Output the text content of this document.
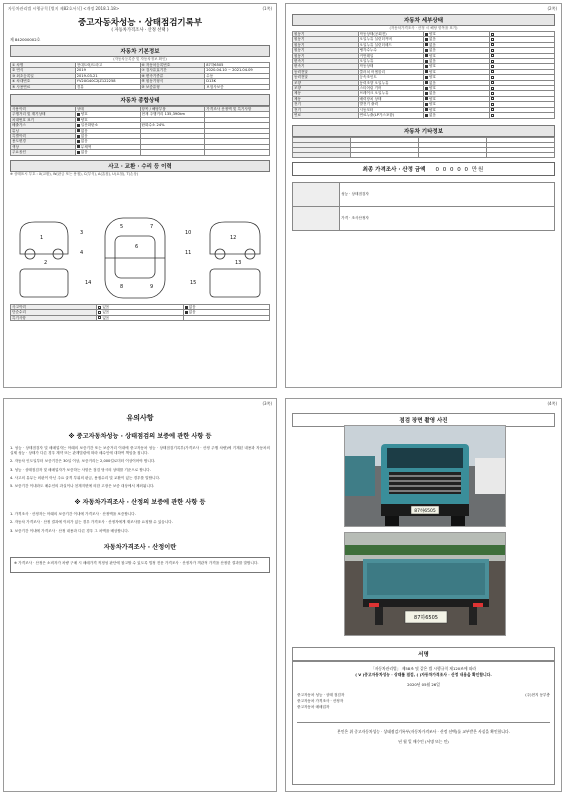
자동차관리법 시행규칙 [별지 제82호서식] <개정 2018.1.18>	(1쪽)
중고자동차성능 · 상태점검기록부
( 자동차가격조사 · 산정 선택 )
제 842000002호
자동차 기본정보
(자동차등록증 및 자동차정보 확인)
① 차명	현대트럭/트라고	⑥ 자동차등록번호	87하6505
② 연식	2019	⑦ 검사유효기간	2020.04.10 ~ 2021.04.09
③ 최초등록일	2019-03-21	⑧ 변속기종류	수동
④ 차대번호	YV2XG40C2JZ122258	⑨ 원동기형식	D13K
⑤ 사용연료	경유	⑩ 보증유형	보험사보증
자동차 종합상태
사용이력	상태	항목 / 해당부품	가격조사 산정액 및 특기사항
주행거리 및 계기상태	양호	현재 주행거리 135,390km	
차대번호 표기	양호		
배출가스	일산화탄소	탄화수소 24%	
튜닝	없음		
특별이력	없음		
용도변경	없음		
색상	무채색		
주요옵션	없음		
사고 · 교환 · 수리 등 이력
※ 상태표시 부호 : X(교환), W(판금 또는 용접), C(부식), A(흠집), U(요철), T(손상)
1
2
3
4
5
6
7
8	9
10
11
12
13
14	15
사고이력	있음	없음
단순수리	있음	없음
특기사항	없음	
(2쪽)
자동차 세부상태
(자동차가격조사 · 산정 시 해당 항목을 표기)
원동기	작동상태(공회전)	양호	
원동기	오일누유 실린더커버	없음	
원동기	오일누유 실린더헤드	없음	
원동기	냉각수누수	없음	
원동기	커먼레일	양호	
변속기	오일누유	없음	
변속기	작동상태	양호	
동력전달	클러치 어셈블리	양호	
동력전달	등속조인트	양호	
조향	동력조향 오일누유	없음	
조향	스티어링 기어	양호	
제동	브레이크 오일누유	없음	
제동	배력장치 상태	양호	
전기	발전기 출력	양호	
전기	시동모터	양호	
연료	연료누출(LP가스포함)	없음	
자동차 기타정보

최종 가격조사 · 산정 금액 0 0 0 0 0 만원
	성능 · 상태점검자
	가격 · 조사산정자
(3쪽)
유의사항
※ 중고자동차성능 · 상태점검의 보증에 관한 사항 등
1. 성능 · 상태점검자 및 매매업자는 아래의 보증기간 또는 보증거리 이내에 중고자동차 성능 · 상태점검기록부(가격조사 · 산정 주행 차량)에 기재된 내용과 자동차의 실제 성능 · 상태가 다른 경우 계약 또는 관계법령에 따라 매수인에 대하여 책임을 집니다.
2. 자동차 인도일부터 보증기간은 30일 이상, 보증거리는 2,000킬로미터 이상이어야 합니다.
3. 성능 · 상태점검자 및 매매업자가 보증하는 사항은 점검 당시의 상태를 기준으로 합니다.
4. 사고의 유무는 외판이 아닌 주요 골격 부위의 판금, 용접수리 및 교환이 있는 경우를 말합니다.
5. 보증기간 이내라도 매수인의 과실이나 천재지변에 의한 고장은 보증 대상에서 제외됩니다.
※ 자동차가격조사 · 산정의 보증에 관한 사항 등
1. 가격조사 · 산정자는 아래의 보증기간 이내에 가격조사 · 산정액을 보증합니다.
2. 자동차 가격조사 · 산정 결과에 이의가 있는 경우 가격조사 · 산정자에게 재조사를 요청할 수 있습니다.
3. 보증기간 이내에 가격조사 · 산정 내용과 다른 경우 그 차액을 배상합니다.
자동차가격조사 · 산정이란
※ 가격조사 · 산정은 소비자가 차량 구매 시 매매가격 적정성 판단에 참고할 수 있도록 법정 전문 가격조사 · 산정자가 객관적 가격을 산정한 결과를 말합니다.
(4쪽)
점검 장면 촬영 사진
87하6505
87하6505
서명
「자동차관리법」 제58조 및 같은 법 시행규칙 제120조에 따라
( V )중고자동차성능 · 상태를 점검, ( )자동차가격조사 · 산정 내용을 확인합니다.
2020년 05월 26일
중고자동차 성능 · 상태 점검자
중고자동차 가격조사 · 산정자
중고자동차 매매업자
(주)현지 동부충
본인은 위 중고자동차성능 · 상태점검기록부(자동차가격조사 · 산정 선택)를 교부받은 사실을 확인합니다.
년 월 일 매수인 (서명 또는 인)
